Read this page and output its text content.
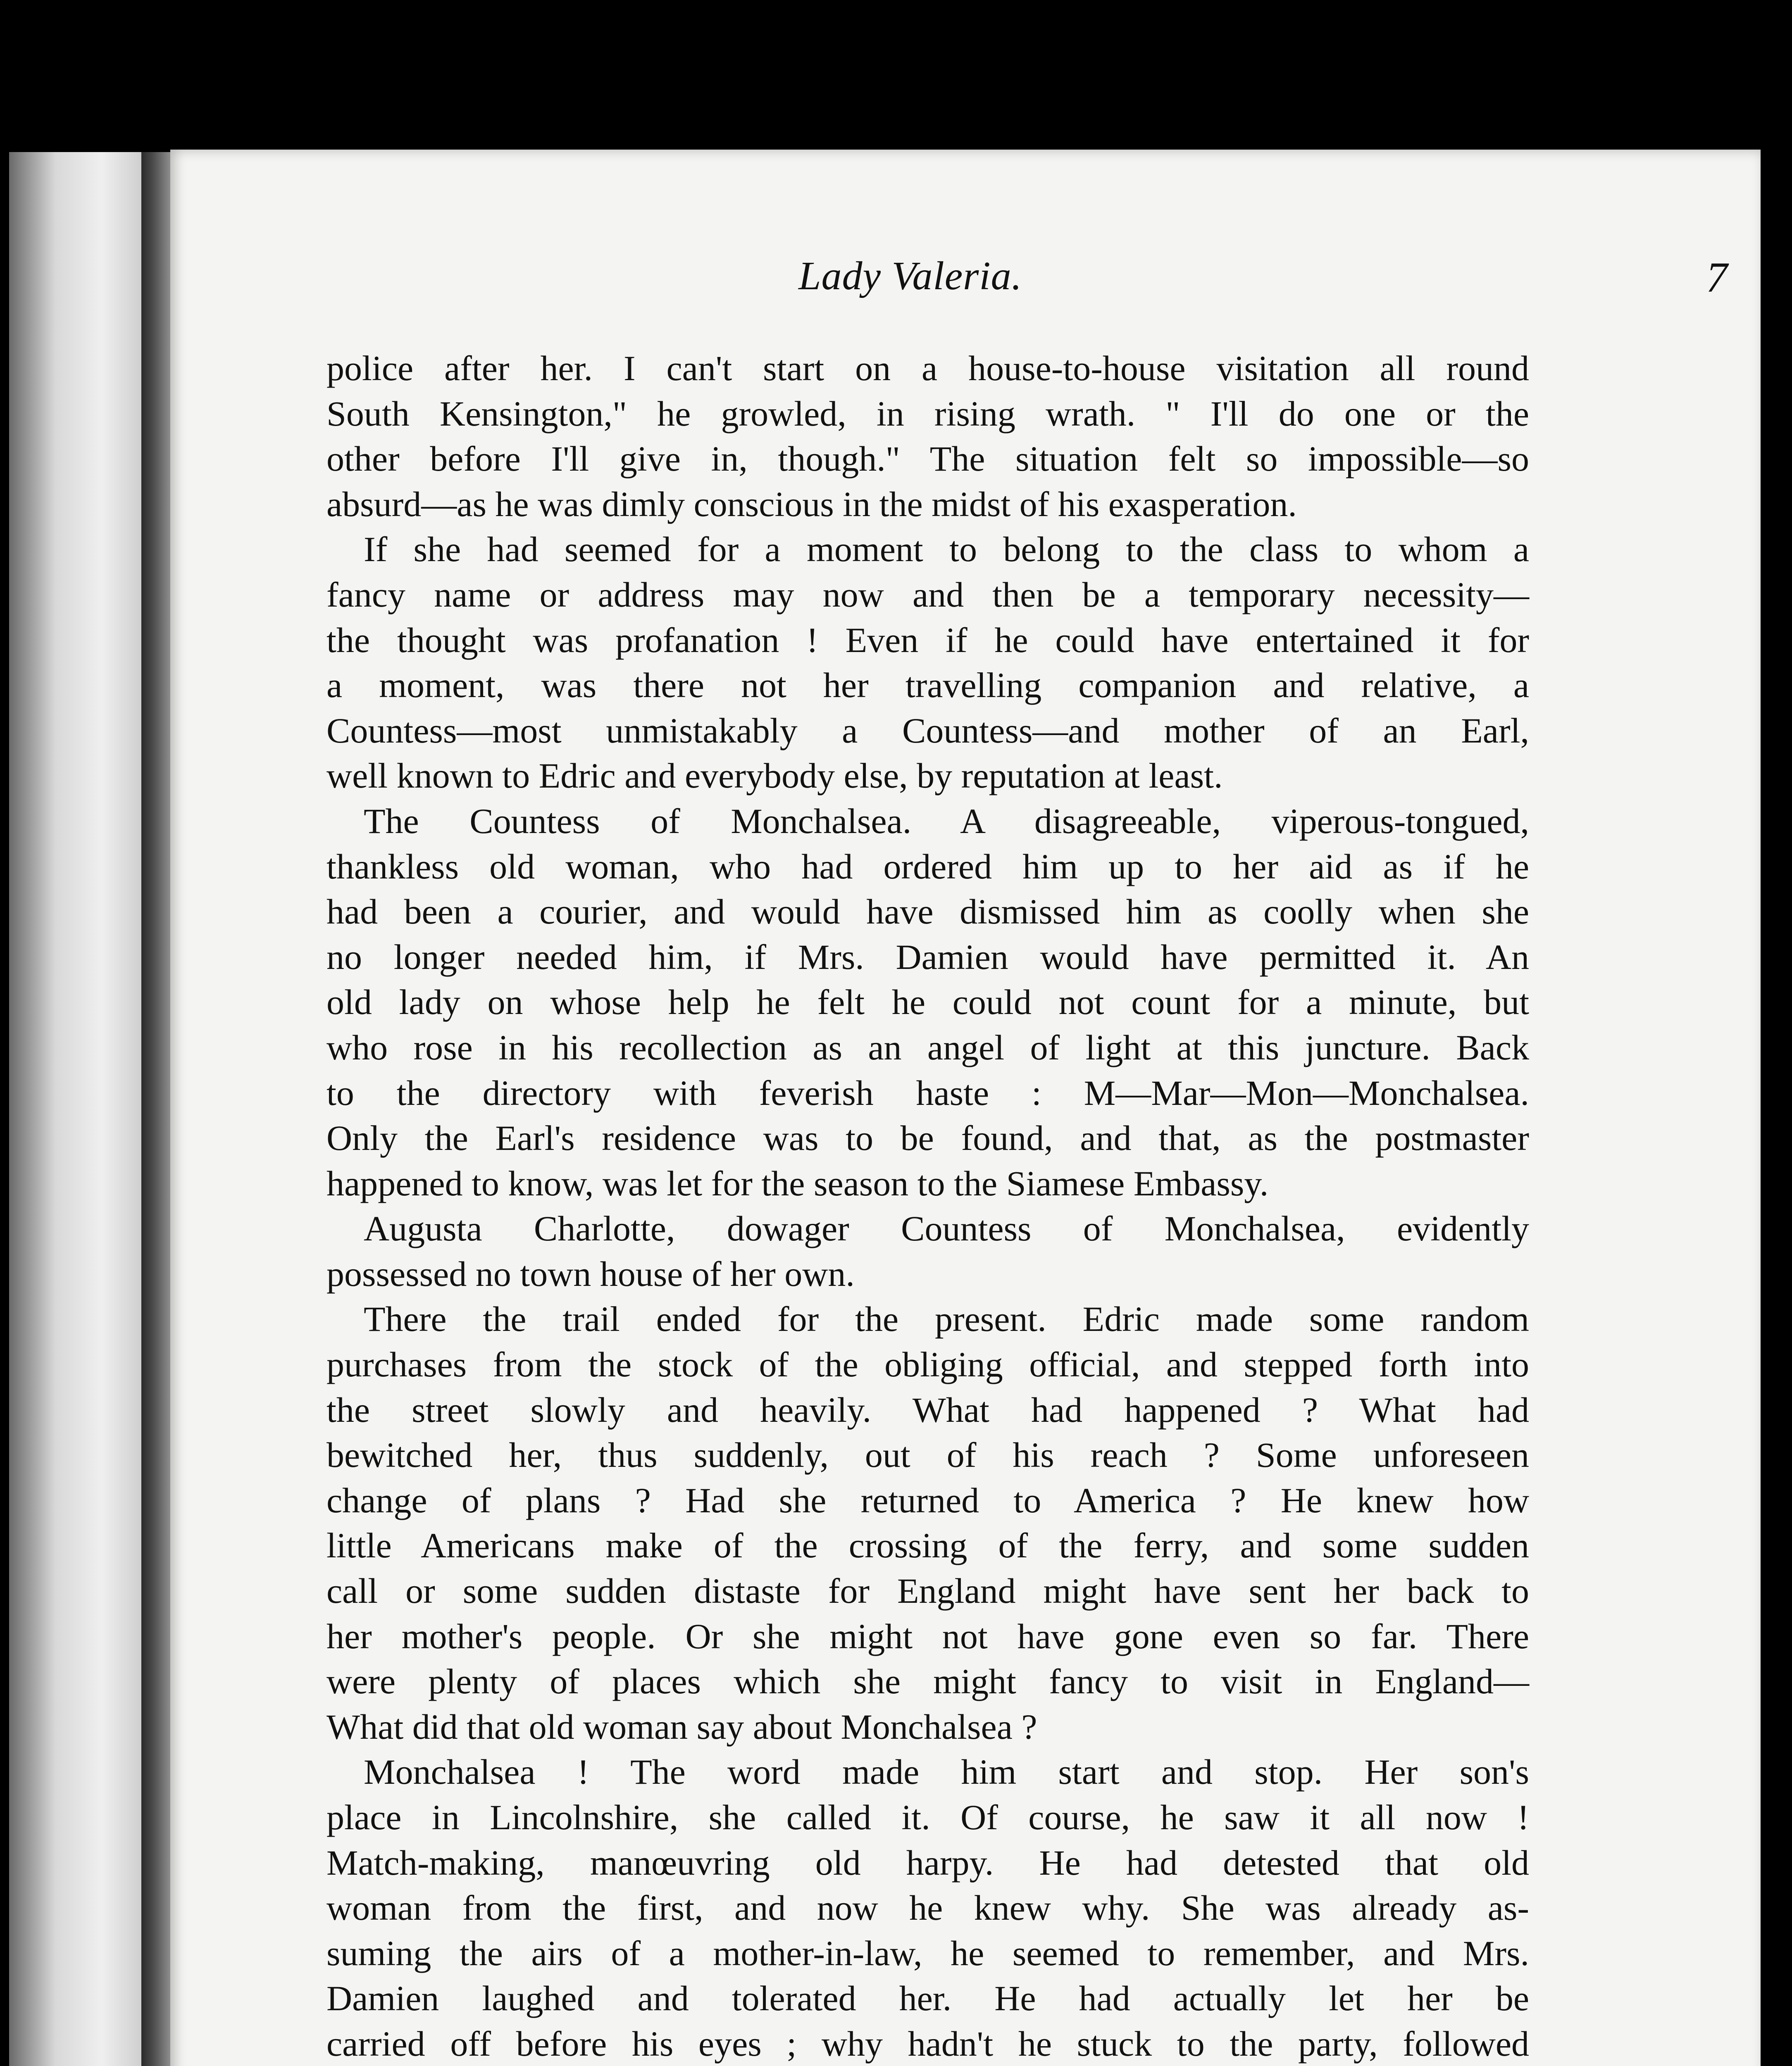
Lady Valeria.	7
police after her. I can't start on a house-to-house visitation all round
South Kensington," he growled, in rising wrath. " I'll do one or the
other before I'll give in, though." The situation felt so impossible—so
absurd—as he was dimly conscious in the midst of his exasperation.
If she had seemed for a moment to belong to the class to whom a
fancy name or address may now and then be a temporary necessity—
the thought was profanation ! Even if he could have entertained it for
a moment, was there not her travelling companion and relative, a
Countess—most unmistakably a Countess—and mother of an Earl,
well known to Edric and everybody else, by reputation at least.
The Countess of Monchalsea. A disagreeable, viperous-tongued,
thankless old woman, who had ordered him up to her aid as if he
had been a courier, and would have dismissed him as coolly when she
no longer needed him, if Mrs. Damien would have permitted it. An
old lady on whose help he felt he could not count for a minute, but
who rose in his recollection as an angel of light at this juncture. Back
to the directory with feverish haste : M—Mar—Mon—Monchalsea.
Only the Earl's residence was to be found, and that, as the postmaster
happened to know, was let for the season to the Siamese Embassy.
Augusta Charlotte, dowager Countess of Monchalsea, evidently
possessed no town house of her own.
There the trail ended for the present. Edric made some random
purchases from the stock of the obliging official, and stepped forth into
the street slowly and heavily. What had happened ? What had
bewitched her, thus suddenly, out of his reach ? Some unforeseen
change of plans ? Had she returned to America ? He knew how
little Americans make of the crossing of the ferry, and some sudden
call or some sudden distaste for England might have sent her back to
her mother's people. Or she might not have gone even so far. There
were plenty of places which she might fancy to visit in England—
What did that old woman say about Monchalsea ?
Monchalsea ! The word made him start and stop. Her son's
place in Lincolnshire, she called it. Of course, he saw it all now !
Match-making, manœuvring old harpy. He had detested that old
woman from the first, and now he knew why. She was already as-
suming the airs of a mother-in-law, he seemed to remember, and Mrs.
Damien laughed and tolerated her. He had actually let her be
carried off before his eyes ; why hadn't he stuck to the party, followed
